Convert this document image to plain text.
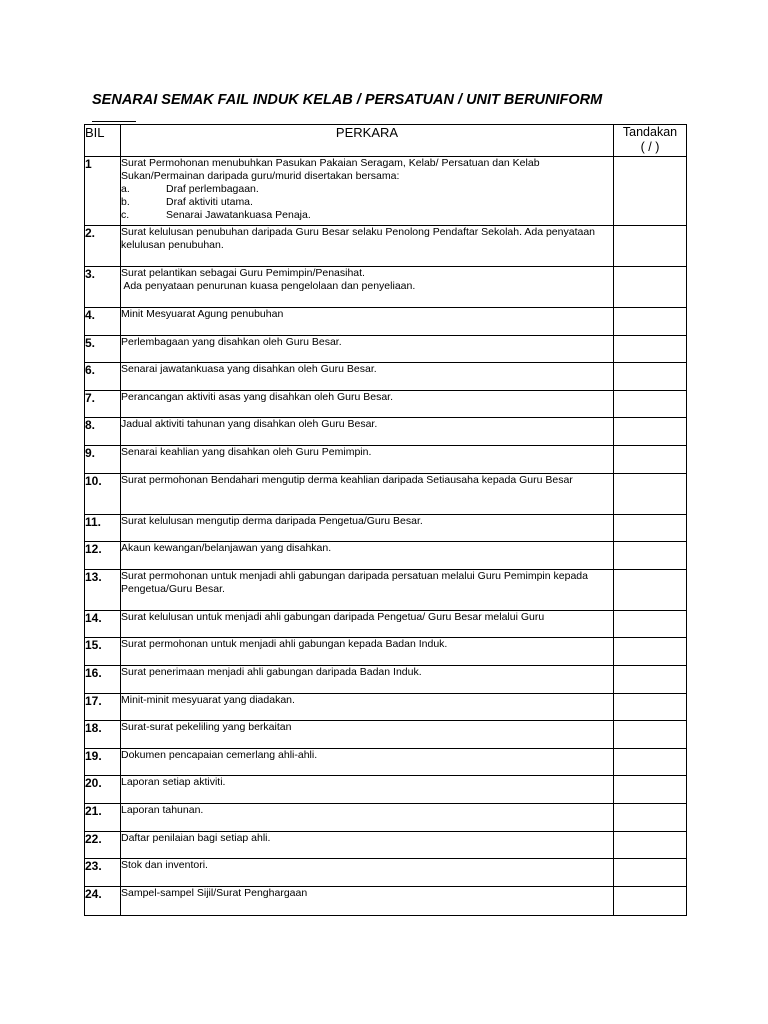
SENARAI SEMAK FAIL INDUK KELAB / PERSATUAN / UNIT BERUNIFORM
BIL	PERKARA	Tandakan
( / )

1	Surat Permohonan menubuhkan Pasukan Pakaian Seragam, Kelab/ Persatuan dan Kelab Sukan/Permainan daripada guru/murid disertakan bersama:
a. Draf perlembagaan.
b. Draf aktiviti utama.
c. Senarai Jawatankuasa Penaja.	

2.	Surat kelulusan penubuhan daripada Guru Besar selaku Penolong Pendaftar Sekolah. Ada penyataan kelulusan penubuhan.	
3.	Surat pelantikan sebagai Guru Pemimpin/Penasihat.
Ada penyataan penurunan kuasa pengelolaan dan penyeliaan.	

4.	Minit Mesyuarat Agung penubuhan	
5.	Perlembagaan yang disahkan oleh Guru Besar.	
6.	Senarai jawatankuasa yang disahkan oleh Guru Besar.	
7.	Perancangan aktiviti asas yang disahkan oleh Guru Besar.	
8.	Jadual aktiviti tahunan yang disahkan oleh Guru Besar.	
9.	Senarai keahlian yang disahkan oleh Guru Pemimpin.	
10.	Surat permohonan Bendahari mengutip derma keahlian daripada Setiausaha kepada Guru Besar	
11.	Surat kelulusan mengutip derma daripada Pengetua/Guru Besar.	
12.	Akaun kewangan/belanjawan yang disahkan.	
13.	Surat permohonan untuk menjadi ahli gabungan daripada persatuan melalui Guru Pemimpin kepada Pengetua/Guru Besar.	
14.	Surat kelulusan untuk menjadi ahli gabungan daripada Pengetua/ Guru Besar melalui Guru	
15.	Surat permohonan untuk menjadi ahli gabungan kepada Badan Induk.	
16.	Surat penerimaan menjadi ahli gabungan daripada Badan Induk.	
17.	Minit-minit mesyuarat yang diadakan.	
18.	Surat-surat pekeliling yang berkaitan	
19.	Dokumen pencapaian cemerlang ahli-ahli.	
20.	Laporan setiap aktiviti.	
21.	Laporan tahunan.	
22.	Daftar penilaian bagi setiap ahli.	
23.	Stok dan inventori.	
24.	Sampel-sampel Sijil/Surat Penghargaan	
